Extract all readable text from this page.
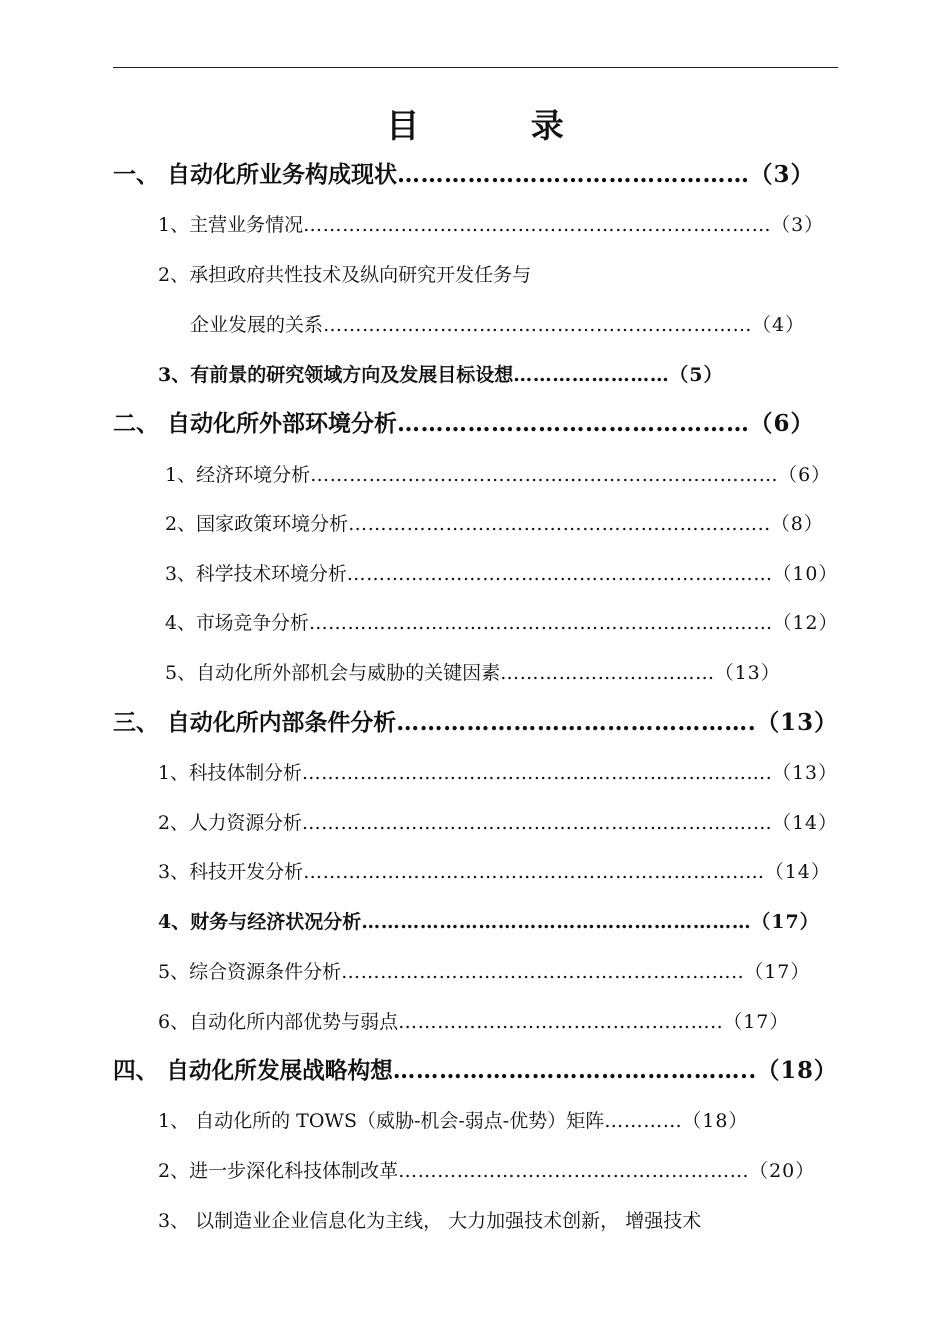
目 录
一、 自动化所业务构成现状………………………………………（3）
1、主营业务情况………………………………………………………………（3）
2、承担政府共性技术及纵向研究开发任务与
企业发展的关系…………………………………………………………（4）
3、有前景的研究领域方向及发展目标设想……………………（5）
二、 自动化所外部环境分析………………………………………（6）
1、经济环境分析………………………………………………………………（6）
2、国家政策环境分析………………………………………………………..（8）
3、科学技术环境分析…………………………………………………………（10）
4、市场竞争分析………………………………………………………………（12）
5、自动化所外部机会与威胁的关键因素……………………………（13）
三、 自动化所内部条件分析……………………………………….（13）
1、科技体制分析……………………………………………………………….（13）
2、人力资源分析…………………………………………………………….…（14）
3、科技开发分析…………………………………………………………..…（14）
4、财务与经济状况分析……………………………………………………（17）
5、综合资源条件分析……………………………………………………..（17）
6、自动化所内部优势与弱点…………………………………………..（17）
四、 自动化所发展战略构想………………………………………..（18）
1、 自动化所的 TOWS（威胁-机会-弱点-优势）矩阵…………（18）
2、进一步深化科技体制改革………………………………………………（20）
3、 以制造业企业信息化为主线， 大力加强技术创新， 增强技术
